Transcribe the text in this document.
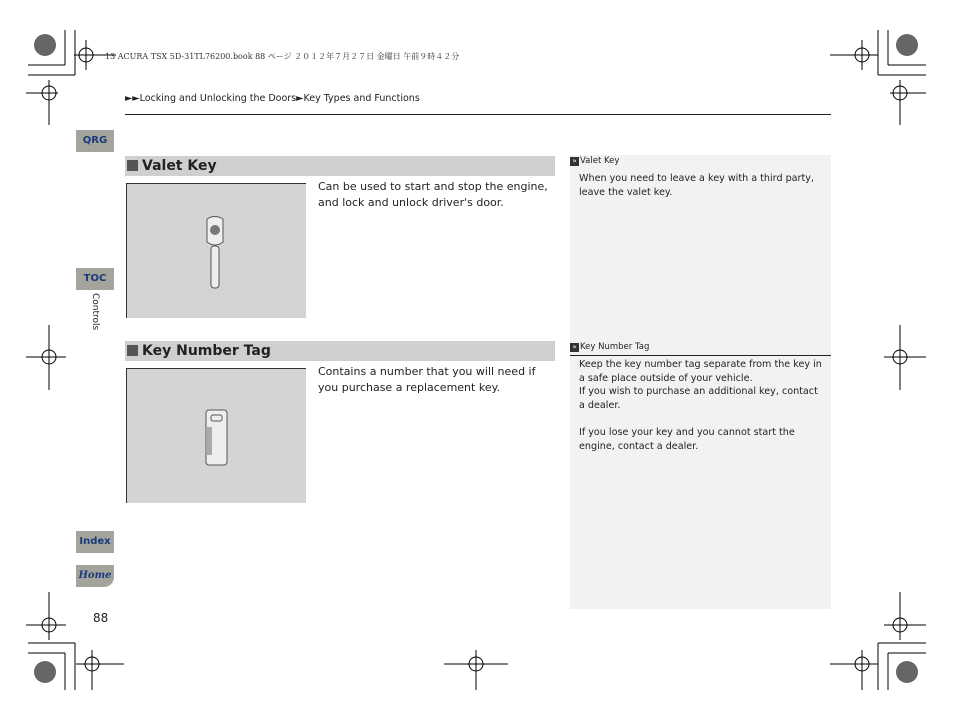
13 ACURA TSX 5D-31TL76200.book 88 ページ ２０１２年７月２７日 金曜日 午前９時４２分
►►Locking and Unlocking the Doors►Key Types and Functions
QRG
TOC
Controls
Index
Home
88
Valet Key
Can be used to start and stop the engine, and lock and unlock driver's door.
Key Number Tag
Contains a number that you will need if you purchase a replacement key.
» Valet Key
When you need to leave a key with a third party, leave the valet key.
» Key Number Tag
Keep the key number tag separate from the key in a safe place outside of your vehicle.
If you wish to purchase an additional key, contact a dealer.
If you lose your key and you cannot start the engine, contact a dealer.
